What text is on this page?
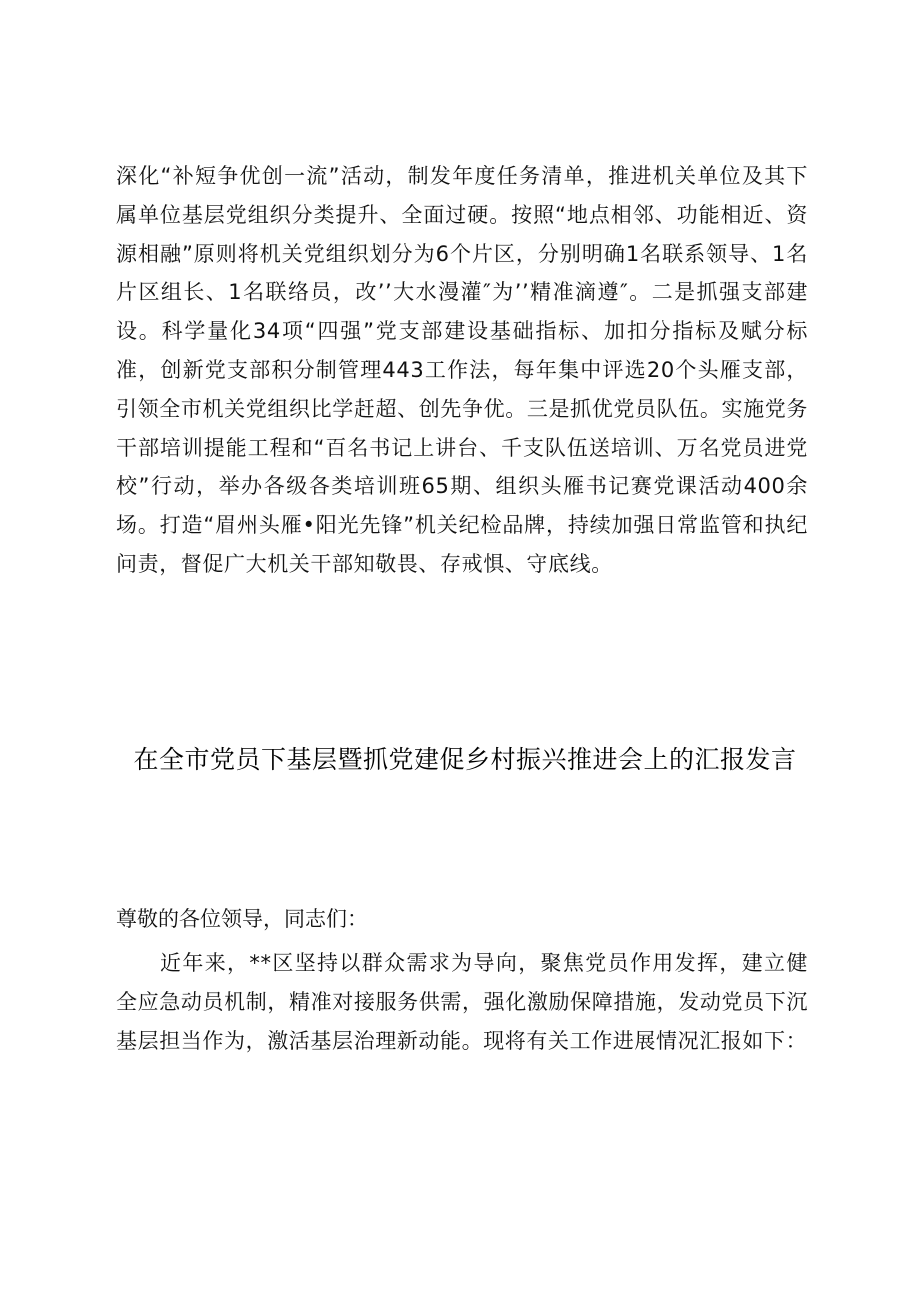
深化“补短争优创一流”活动，制发年度任务清单，推进机关单位及其下属单位基层党组织分类提升、全面过硬。按照“地点相邻、功能相近、资源相融”原则将机关党组织划分为6个片区，分别明确1名联系领导、1名片区组长、1名联络员，改’’大水漫灌″为’’精准滴遵″。二是抓强支部建设。科学量化34项“四强”党支部建设基础指标、加扣分指标及赋分标准，创新党支部积分制管理443工作法，每年集中评选20个头雁支部，引领全市机关党组织比学赶超、创先争优。三是抓优党员队伍。实施党务干部培训提能工程和“百名书记上讲台、千支队伍送培训、万名党员进党校”行动，举办各级各类培训班65期、组织头雁书记赛党课活动400余场。打造“眉州头雁•阳光先锋”机关纪检品牌，持续加强日常监管和执纪问责，督促广大机关干部知敬畏、存戒惧、守底线。

在全市党员下基层暨抓党建促乡村振兴推进会上的汇报发言

尊敬的各位领导，同志们：

近年来，**区坚持以群众需求为导向，聚焦党员作用发挥，建立健全应急动员机制，精准对接服务供需，强化激励保障措施，发动党员下沉基层担当作为，激活基层治理新动能。现将有关工作进展情况汇报如下：
